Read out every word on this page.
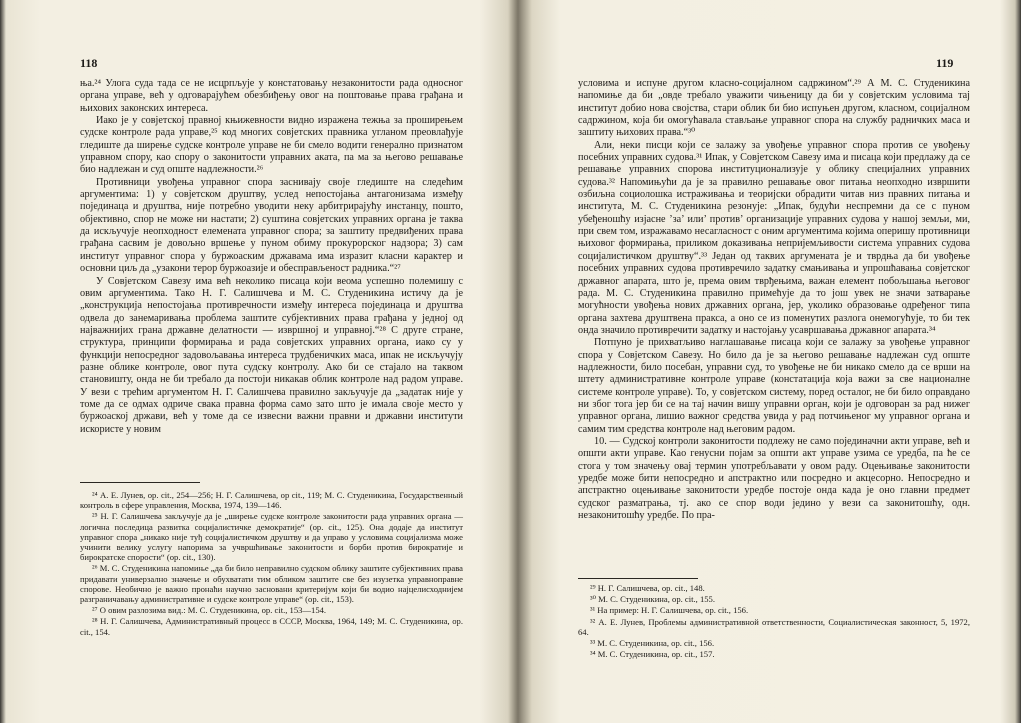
118

ња.²⁴ Улога суда тада се не исцрпљује у констатовању незаконитости рада односног органа управе, већ у одговарајућем обезбиђењу овог на поштовање права грађана и њихових законских интереса.

Иако је у совјетској правној књижевности видно изражена тежња за проширењем судске контроле рада управе,²⁵ код многих совјетских правника угланом преовлађује гледиште да ширење судске контроле управе не би смело водити генерално признатом управном спору, као спору о законитости управних аката, па ма за његово решавање био надлежан и суд опште надлежности.²⁶

Противници увођења управног спора заснивају своје гледиште на следећим аргументима: 1) у совјетском друштву, услед непостојања антагонизама између појединаца и друштва, није потребно уводити неку арбитрирајућу инстанцу, пошто, објективно, спор не може ни настати; 2) суштина совјетских управних органа је таква да искључује неопходност елемената управног спора; за заштиту предвиђених права грађана сасвим је довољно вршење у пуном обиму прокурорског надзора; 3) сам институт управног спора у буржоаским државама има изразит класни карактер и основни циљ да „узакони терор буржоазије и обесправљеност радника.“²⁷

У Совјетском Савезу има већ неколико писаца који веома успешно полемишу с овим аргументима. Тако Н. Г. Салишчева и М. С. Студеникина истичу да је „конструкција непостојања противречности између интереса појединаца и друштва одвела до занемаривања проблема заштите субјективних права грађана у једној од најважнијих грана државне делатности — извршној и управној.“²⁸ С друге стране, структура, принципи формирања и рада совјетских управних органа, иако су у функцији непосредног задовољавања интереса трудбеничких маса, ипак не искључују разне облике контроле, овог пута судску контролу. Ако би се стајало на таквом становишту, онда не би требало да постоји никакав облик контроле над радом управе. У вези с трећим аргументом Н. Г. Салишчева правилно закључује да „задатак није у томе да се одмах одриче свака правна форма само зато што је имала своје место у буржоаској држави, већ у томе да се извесни важни правни и државни институти искористе у новим

²⁴ А. Е. Лунев, op. cit., 254—256; Н. Г. Салишчева, op cit., 119; М. С. Студеникина, Государственный контроль в сфере управления, Москва, 1974, 139—146.

²⁵ Н. Г. Салишчева закључује да је „ширење судске контроле законитости рада управних органа — логична последица развитка социјалистичке демократије“ (op. cit., 125). Она додаје да институт управног спора „никако није туђ социјалистичком друштву и да управо у условима социјализма може учинити велику услугу напорима за учвршћивање законитости и борби против бирократије и бирократске спорости“ (op. cit., 130).

²⁶ М. С. Студеникина напомиње „да би било неправилно судском облику заштите субјективних права придавати универзално значење и обухватати тим обликом заштите све без изузетка управноправне спорове. Необично је важно пронаћи научно засновани критеријум који би водио најцелисходнијем разграничавању административне и судске контроле управе“ (op. cit., 153).

²⁷ О овим разлозима вид.: М. С. Студеникина, op. cit., 153—154.

²⁸ Н. Г. Салишчева, Административный процесс в СССР, Москва, 1964, 149; М. С. Студеникина, op. cit., 154.

119

условима и испуне другом класно-социјалном садржином“.²⁹ А М. С. Студеникина напомиње да би „овде требало уважити чињеницу да би у совјетским условима тај институт добио нова својства, стари облик би био испуњен другом, класном, социјалном садржином, која би омогућавала стављање управног спора на службу радничких маса и заштиту њихових права.“³⁰

Али, неки писци који се залажу за увођење управног спора против се увођењу посебних управних судова.³¹ Ипак, у Совјетском Савезу има и писаца који предлажу да се решавање управних спорова институционализује у облику специјалних управних судова.³² Напомињући да је за правилно решавање овог питања неопходно извршити озбиљна социолошка истраживања и теоријски обрадити читав низ правних питања и института, М. С. Студеникина резонује: „Ипак, будући неспремни да се с пуном убеђеношћу изјасне ’за’ или’ против’ организације управних судова у нашој земљи, ми, при свем том, изражавамо несагласност с оним аргументима којима оперишу противници њиховог формирања, приликом доказивања непријемљивости система управних судова социјалистичком друштву“.³³ Један од таквих аргумената је и тврдња да би увођење посебних управних судова противречило задатку смањивања и упрошћавања совјетског државног апарата, што је, према овим тврђењима, важан елемент побољшања његовог рада. М. С. Студеникина правилно примећује да то још увек не значи затварање могућности увођења нових државних органа, јер, уколико образовање одређеног типа органа захтева друштвена пракса, а оно се из поменутих разлога онемогућује, то би тек онда значило противречити задатку и настојању усавршавања државног апарата.³⁴

Потпуно је прихватљиво наглашавање писаца који се залажу за увођење управног спора у Совјетском Савезу. Но било да је за његово решавање надлежан суд опште надлежности, било посебан, управни суд, то увођење не би никако смело да се врши на штету административне контроле управе (констатација која важи за све националне системе контроле управе). То, у совјетском систему, поред осталог, не би било оправдано ни због тога јер би се на тај начин вишу управни орган, који је одговоран за рад нижег управног органа, лишио важног средства увида у рад потчињеног му управног органа и самим тим средства контроле над његовим радом.

10. — Судској контроли законитости подлежу не само појединачни акти управе, већ и општи акти управе. Као генусни појам за општи акт управе узима се уредба, па ће се стога у том значењу овај термин употребљавати у овом раду. Оцењивање законитости уредбе може бити непосредно и апстрактно или посредно и акцесорно. Непосредно и апстрактно оцењивање законитости уредбе постоје онда када је оно главни предмет судског разматрања, тј. ако се спор води једино у вези са законитошћу, одн. незаконитошћу уредбе. По пра-

²⁹ Н. Г. Салишчева, op. cit., 148.

³⁰ М. С. Студеникина, op. cit., 155.

³¹ На пример: Н. Г. Салишчева, op. cit., 156.

³² А. Е. Лунев, Проблемы административной ответственности, Социалистическая законност, 5, 1972, 64.

³³ М. С. Студеникина, op. cit., 156.

³⁴ М. С. Студеникина, op. cit., 157.
